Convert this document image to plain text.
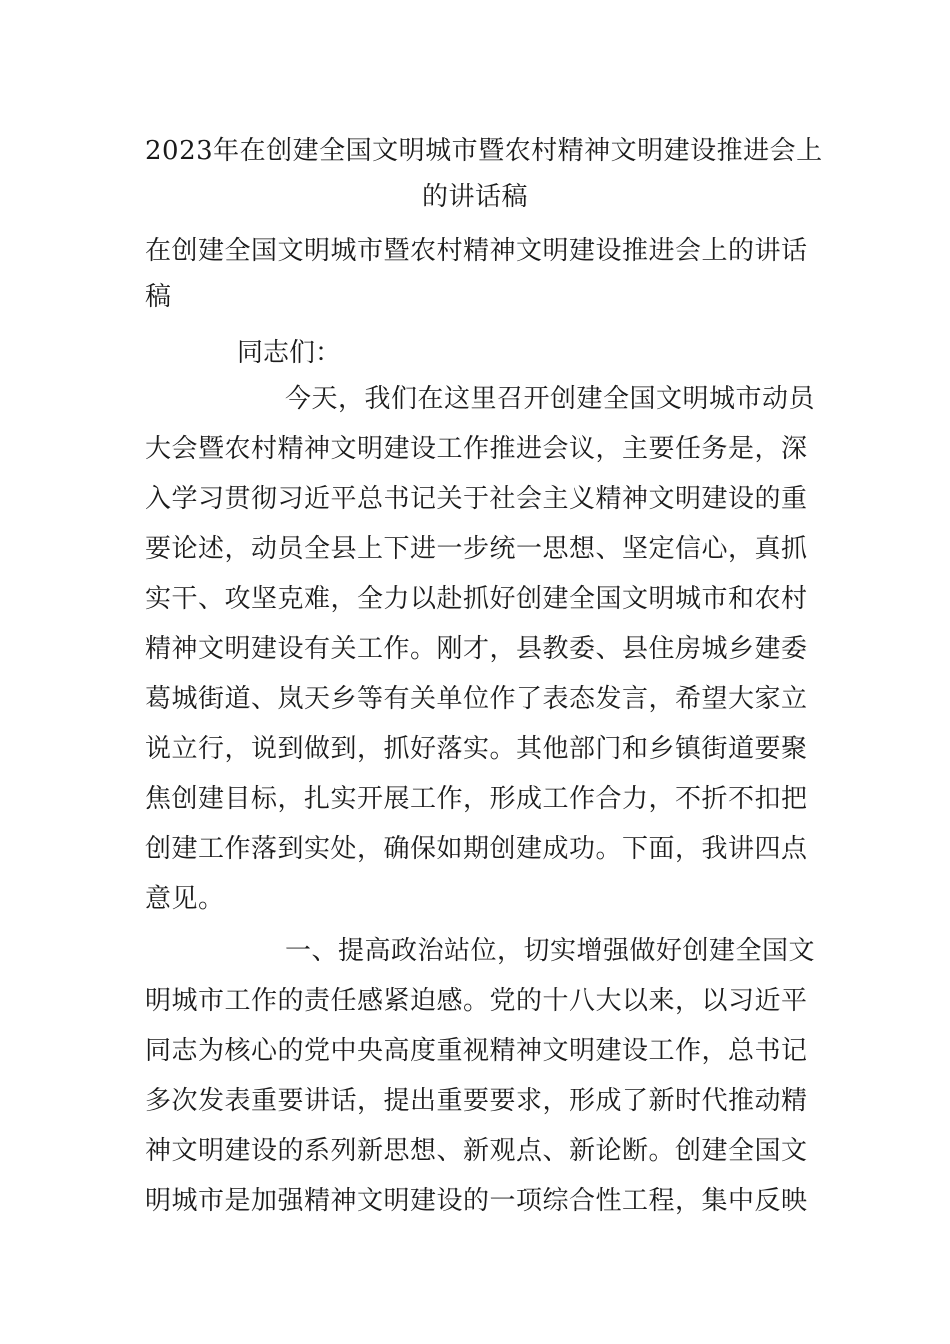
2023年在创建全国文明城市暨农村精神文明建设推进会上
的讲话稿
在创建全国文明城市暨农村精神文明建设推进会上的讲话
稿
同志们：
今天，我们在这里召开创建全国文明城市动员
大会暨农村精神文明建设工作推进会议，主要任务是，深
入学习贯彻习近平总书记关于社会主义精神文明建设的重
要论述，动员全县上下进一步统一思想、坚定信心，真抓
实干、攻坚克难，全力以赴抓好创建全国文明城市和农村
精神文明建设有关工作。刚才，县教委、县住房城乡建委
葛城街道、岚天乡等有关单位作了表态发言，希望大家立
说立行，说到做到，抓好落实。其他部门和乡镇街道要聚
焦创建目标，扎实开展工作，形成工作合力，不折不扣把
创建工作落到实处，确保如期创建成功。下面，我讲四点
意见。
一、提高政治站位，切实增强做好创建全国文
明城市工作的责任感紧迫感。党的十八大以来，以习近平
同志为核心的党中央高度重视精神文明建设工作，总书记
多次发表重要讲话，提出重要要求，形成了新时代推动精
神文明建设的系列新思想、新观点、新论断。创建全国文
明城市是加强精神文明建设的一项综合性工程，集中反映
